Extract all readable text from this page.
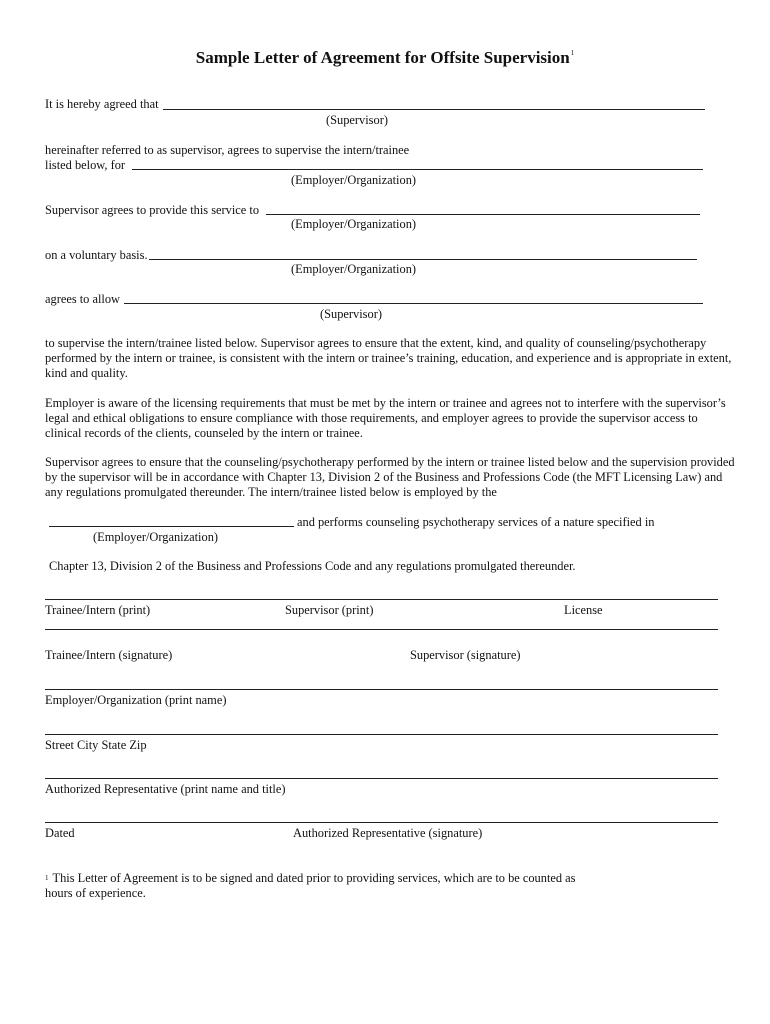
Sample Letter of Agreement for Offsite Supervision$^1$
It is hereby agreed that
(Supervisor)
hereinafter referred to as supervisor, agrees to supervise the intern/trainee
listed below, for
(Employer/Organization)
Supervisor agrees to provide this service to
(Employer/Organization)
on a voluntary basis.
(Employer/Organization)
agrees to allow
(Supervisor)
to supervise the intern/trainee listed below. Supervisor agrees to ensure that the extent, kind, and quality of counseling/psychotherapy performed by the intern or trainee, is consistent with the intern or trainee’s training, education, and experience and is appropriate in extent, kind and quality.
Employer is aware of the licensing requirements that must be met by the intern or trainee and agrees not to interfere with the supervisor’s legal and ethical obligations to ensure compliance with those requirements, and employer agrees to provide the supervisor access to clinical records of the clients, counseled by the intern or trainee.
Supervisor agrees to ensure that the counseling/psychotherapy performed by the intern or trainee listed below and the supervision provided by the supervisor will be in accordance with Chapter 13, Division 2 of the Business and Professions Code (the MFT Licensing Law) and any regulations promulgated thereunder. The intern/trainee listed below is employed by the
and performs counseling psychotherapy services of a nature specified in
(Employer/Organization)
Chapter 13, Division 2 of the Business and Professions Code and any regulations promulgated thereunder.
Trainee/Intern (print)	Supervisor (print)	License
Trainee/Intern (signature)	Supervisor (signature)
Employer/Organization (print name)
Street City State Zip
Authorized Representative (print name and title)
Dated	Authorized Representative (signature)
$^1$ This Letter of Agreement is to be signed and dated prior to providing services, which are to be counted as
hours of experience.
